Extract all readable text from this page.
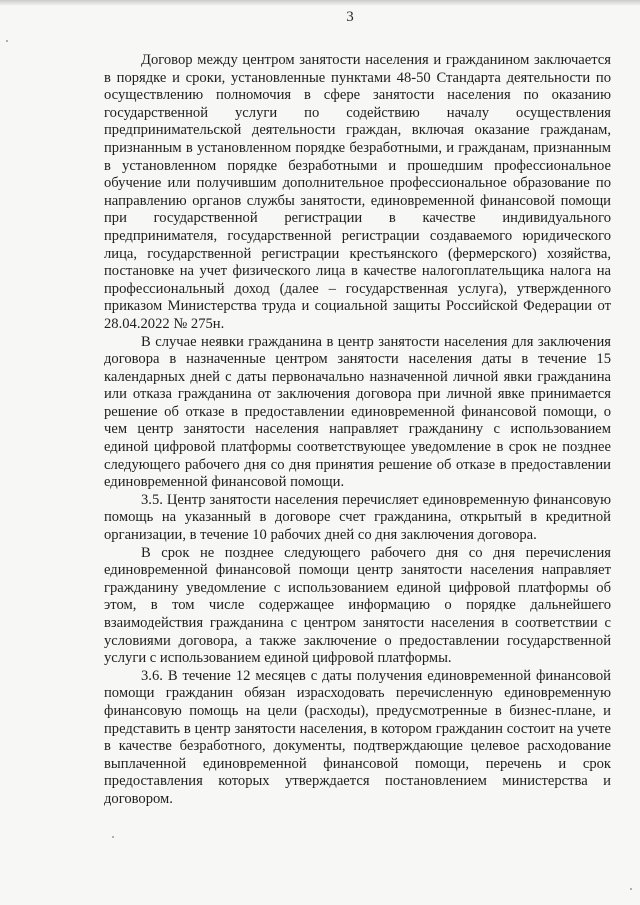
3

Договор между центром занятости населения и гражданином заключается в порядке и сроки, установленные пунктами 48-50 Стандарта деятельности по осуществлению полномочия в сфере занятости населения по оказанию государственной услуги по содействию началу осуществления предпринимательской деятельности граждан, включая оказание гражданам, признанным в установленном порядке безработными, и гражданам, признанным в установленном порядке безработными и прошедшим профессиональное обучение или получившим дополнительное профессиональное образование по направлению органов службы занятости, единовременной финансовой помощи при государственной регистрации в качестве индивидуального предпринимателя, государственной регистрации создаваемого юридического лица, государственной регистрации крестьянского (фермерского) хозяйства, постановке на учет физического лица в качестве налогоплательщика налога на профессиональный доход (далее – государственная услуга), утвержденного приказом Министерства труда и социальной защиты Российской Федерации от 28.04.2022 № 275н.

В случае неявки гражданина в центр занятости населения для заключения договора в назначенные центром занятости населения даты в течение 15 календарных дней с даты первоначально назначенной личной явки гражданина или отказа гражданина от заключения договора при личной явке принимается решение об отказе в предоставлении единовременной финансовой помощи, о чем центр занятости населения направляет гражданину с использованием единой цифровой платформы соответствующее уведомление в срок не позднее следующего рабочего дня со дня принятия решение об отказе в предоставлении единовременной финансовой помощи.

3.5. Центр занятости населения перечисляет единовременную финансовую помощь на указанный в договоре счет гражданина, открытый в кредитной организации, в течение 10 рабочих дней со дня заключения договора.

В срок не позднее следующего рабочего дня со дня перечисления единовременной финансовой помощи центр занятости населения направляет гражданину уведомление с использованием единой цифровой платформы об этом, в том числе содержащее информацию о порядке дальнейшего взаимодействия гражданина с центром занятости населения в соответствии с условиями договора, а также заключение о предоставлении государственной услуги с использованием единой цифровой платформы.

3.6. В течение 12 месяцев с даты получения единовременной финансовой помощи гражданин обязан израсходовать перечисленную единовременную финансовую помощь на цели (расходы), предусмотренные в бизнес-плане, и представить в центр занятости населения, в котором гражданин состоит на учете в качестве безработного, документы, подтверждающие целевое расходование выплаченной единовременной финансовой помощи, перечень и срок предоставления которых утверждается постановлением министерства и договором.
